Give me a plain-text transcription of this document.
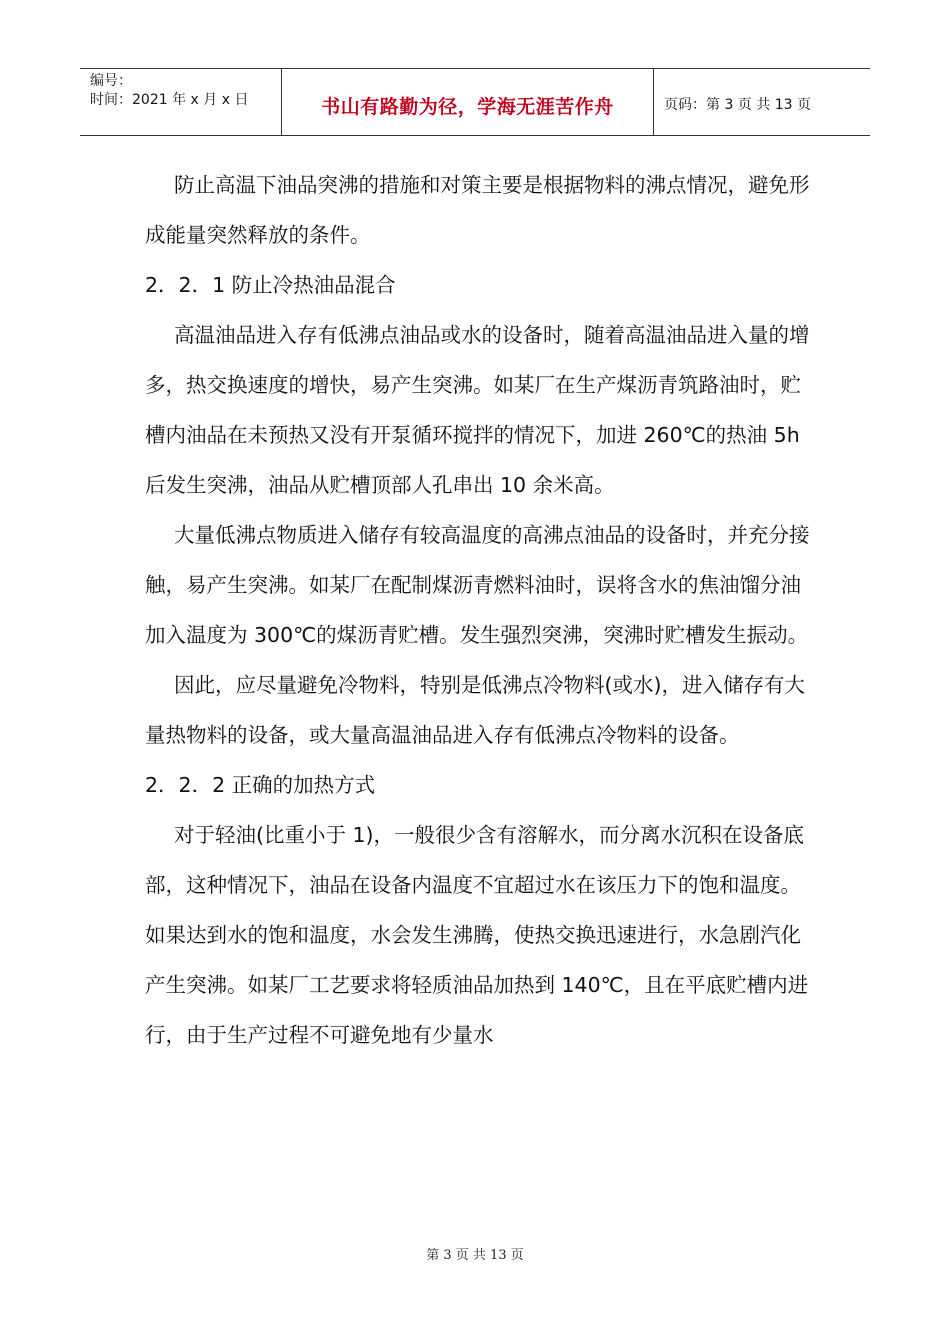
编号：
时间：2021 年 x 月 x 日	书山有路勤为径，学海无涯苦作舟	页码：第 3 页 共 13 页

防止高温下油品突沸的措施和对策主要是根据物料的沸点情况，避免形成能量突然释放的条件。

2．2．1 防止冷热油品混合

高温油品进入存有低沸点油品或水的设备时，随着高温油品进入量的增多，热交换速度的增快，易产生突沸。如某厂在生产煤沥青筑路油时，贮槽内油品在未预热又没有开泵循环搅拌的情况下，加进 260℃的热油 5h 后发生突沸，油品从贮槽顶部人孔串出 10 余米高。

大量低沸点物质进入储存有较高温度的高沸点油品的设备时，并充分接触，易产生突沸。如某厂在配制煤沥青燃料油时，误将含水的焦油馏分油加入温度为 300℃的煤沥青贮槽。发生强烈突沸，突沸时贮槽发生振动。

因此，应尽量避免冷物料，特别是低沸点冷物料(或水)，进入储存有大量热物料的设备，或大量高温油品进入存有低沸点冷物料的设备。

2．2．2 正确的加热方式

对于轻油(比重小于 1)，一般很少含有溶解水，而分离水沉积在设备底部，这种情况下，油品在设备内温度不宜超过水在该压力下的饱和温度。如果达到水的饱和温度，水会发生沸腾，使热交换迅速进行，水急剧汽化产生突沸。如某厂工艺要求将轻质油品加热到 140℃，且在平底贮槽内进行，由于生产过程不可避免地有少量水

第 3 页 共 13 页
